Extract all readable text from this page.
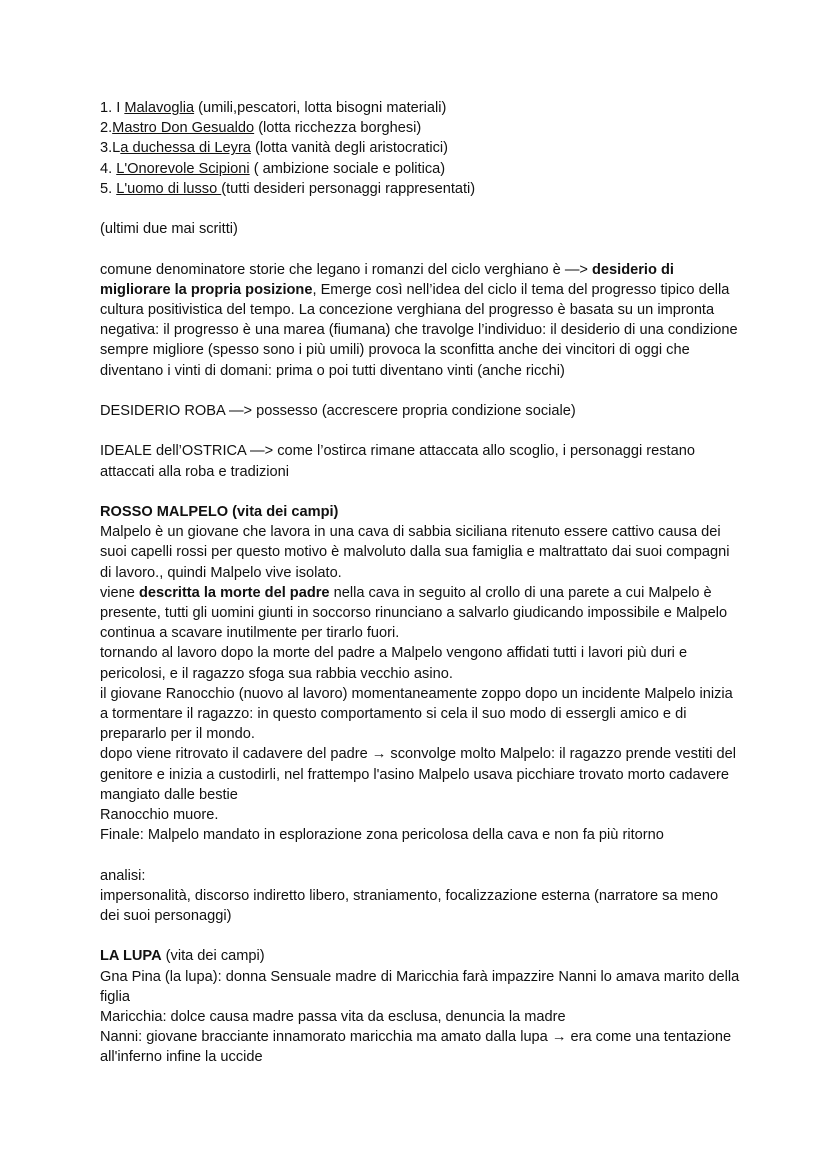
1. I Malavoglia (umili,pescatori, lotta bisogni materiali)
2.Mastro Don Gesualdo (lotta ricchezza borghesi)
3.La duchessa di Leyra (lotta vanità degli aristocratici)
4. L'Onorevole Scipioni ( ambizione sociale e politica)
5. L'uomo di lusso (tutti desideri personaggi rappresentati)
(ultimi due mai scritti)
comune denominatore storie che legano i romanzi del ciclo verghiano è —> desiderio di migliorare la propria posizione, Emerge così nell’idea del ciclo il tema del progresso tipico della cultura positivistica del tempo. La concezione verghiana del progresso è basata su un impronta negativa: il progresso è una marea (fiumana) che travolge l’individuo: il desiderio di una condizione sempre migliore (spesso sono i più umili) provoca la sconfitta anche dei vincitori di oggi che diventano i vinti di domani: prima o poi tutti diventano vinti (anche ricchi)
DESIDERIO ROBA —> possesso (accrescere propria condizione sociale)
IDEALE dell’OSTRICA —> come l’ostirca rimane attaccata allo scoglio, i personaggi restano attaccati alla roba e tradizioni
ROSSO MALPELO (vita dei campi)
Malpelo è un giovane che lavora in una cava di sabbia siciliana ritenuto essere cattivo causa dei suoi capelli rossi per questo motivo è malvoluto dalla sua famiglia e maltrattato dai suoi compagni di lavoro., quindi Malpelo vive isolato.
viene descritta la morte del padre nella cava in seguito al crollo di una parete a cui Malpelo è presente, tutti gli uomini giunti in soccorso rinunciano a salvarlo giudicando impossibile e Malpelo continua a scavare inutilmente per tirarlo fuori.
tornando al lavoro dopo la morte del padre a Malpelo vengono affidati tutti i lavori più duri e pericolosi, e il ragazzo sfoga sua rabbia vecchio asino.
il giovane Ranocchio (nuovo al lavoro) momentaneamente zoppo dopo un incidente Malpelo inizia a tormentare il ragazzo: in questo comportamento si cela il suo modo di essergli amico e di prepararlo per il mondo.
dopo viene ritrovato il cadavere del padre → sconvolge molto Malpelo: il ragazzo prende vestiti del genitore e inizia a custodirli, nel frattempo l'asino Malpelo usava picchiare trovato morto cadavere mangiato dalle bestie
Ranocchio muore.
Finale: Malpelo mandato in esplorazione zona pericolosa della cava e non fa più ritorno
analisi:
impersonalità, discorso indiretto libero, straniamento, focalizzazione esterna (narratore sa meno dei suoi personaggi)
LA LUPA (vita dei campi)
Gna Pina (la lupa): donna Sensuale madre di Maricchia farà impazzire Nanni lo amava marito della figlia
Maricchia: dolce causa madre passa vita da esclusa, denuncia la madre
Nanni: giovane bracciante innamorato maricchia ma amato dalla lupa → era come una tentazione all'inferno infine la uccide
